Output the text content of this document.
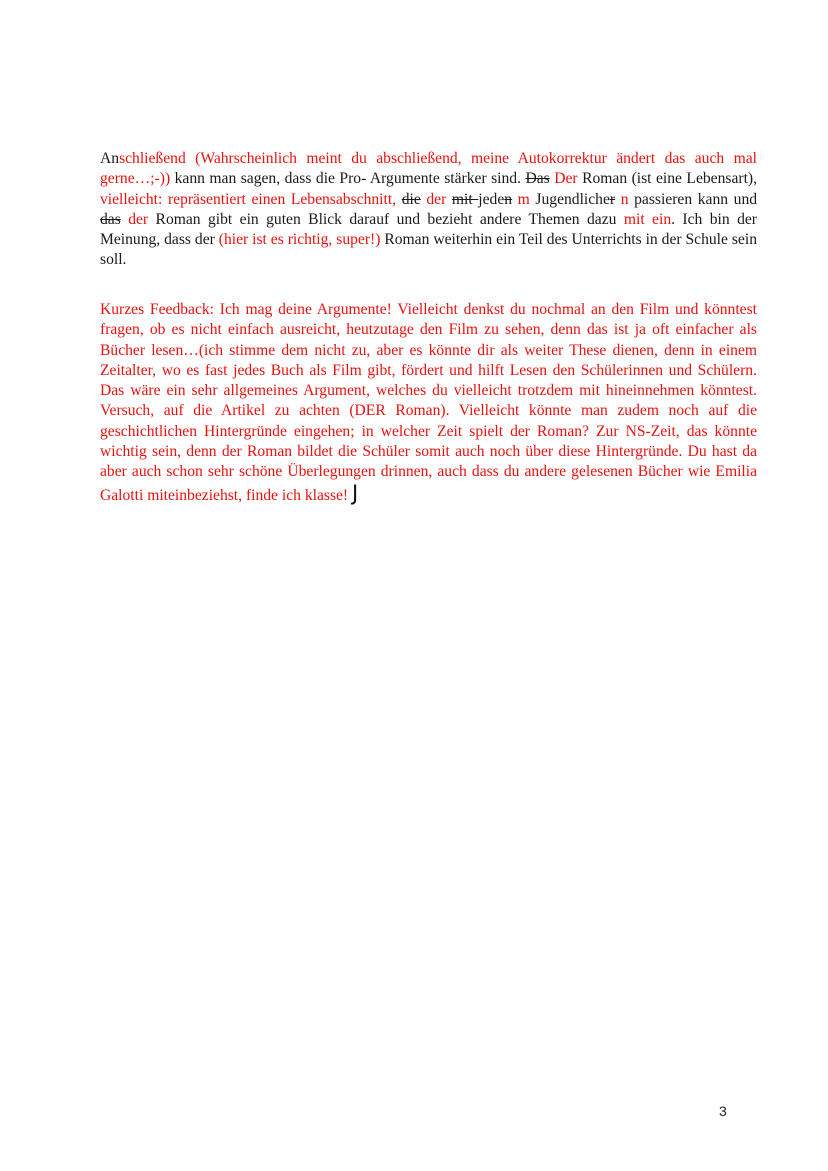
Anschließend (Wahrscheinlich meint du abschließend, meine Autokorrektur ändert das auch mal gerne…;-)) kann man sagen, dass die Pro- Argumente stärker sind. Das Der Roman (ist eine Lebensart), vielleicht: repräsentiert einen Lebensabschnitt, die der mit jeden m Jugendlicher n passieren kann und das der Roman gibt ein guten Blick darauf und bezieht andere Themen dazu mit ein. Ich bin der Meinung, dass der (hier ist es richtig, super!) Roman weiterhin ein Teil des Unterrichts in der Schule sein soll.

Kurzes Feedback: Ich mag deine Argumente! Vielleicht denkst du nochmal an den Film und könntest fragen, ob es nicht einfach ausreicht, heutzutage den Film zu sehen, denn das ist ja oft einfacher als Bücher lesen…(ich stimme dem nicht zu, aber es könnte dir als weiter These dienen, denn in einem Zeitalter, wo es fast jedes Buch als Film gibt, fördert und hilft Lesen den Schülerinnen und Schülern. Das wäre ein sehr allgemeines Argument, welches du vielleicht trotzdem mit hineinnehmen könntest. Versuch, auf die Artikel zu achten (DER Roman). Vielleicht könnte man zudem noch auf die geschichtlichen Hintergründe eingehen; in welcher Zeit spielt der Roman? Zur NS-Zeit, das könnte wichtig sein, denn der Roman bildet die Schüler somit auch noch über diese Hintergründe. Du hast da aber auch schon sehr schöne Überlegungen drinnen, auch dass du andere gelesenen Bücher wie Emilia Galotti miteinbeziehst, finde ich klasse! J

3
